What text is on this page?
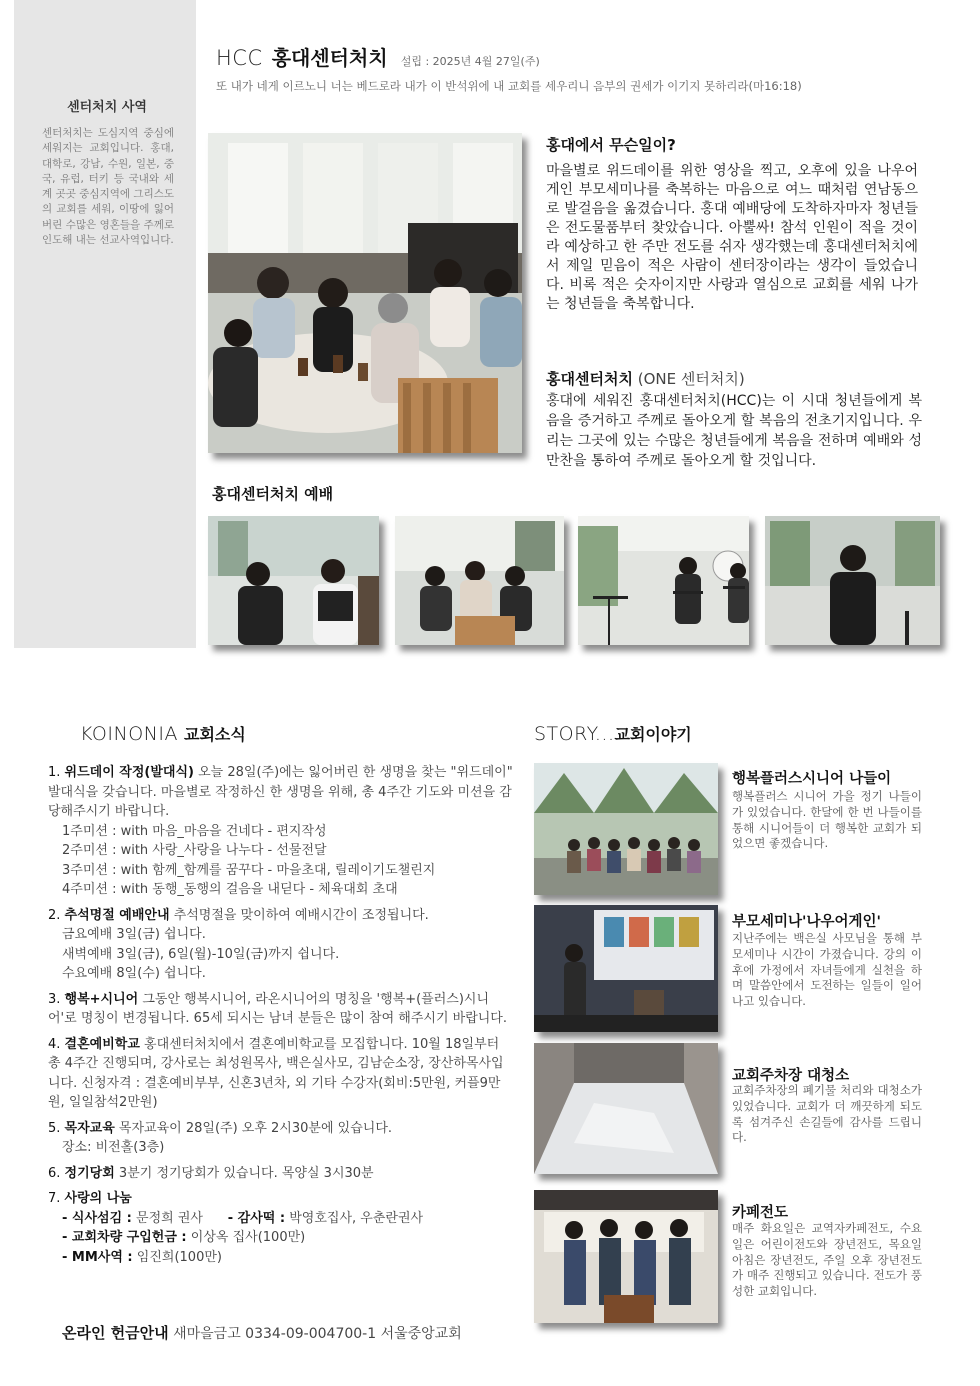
센터처치 사역
센터처치는 도심지역 중심에 세워지는 교회입니다. 홍대, 대학로, 강남, 수원, 일본, 중국, 유럽, 터키 등 국내와 세계 곳곳 중심지역에 그리스도의 교회를 세워, 이땅에 잃어버린 수많은 영혼들을 주께로 인도해 내는 선교사역입니다.
HCC 홍대센터처치 설립 : 2025년 4월 27일(주)
또 내가 네게 이르노니 너는 베드로라 내가 이 반석위에 내 교회를 세우리니 음부의 권세가 이기지 못하리라(마16:18)
홍대에서 무슨일이?
마을별로 위드데이를 위한 영상을 찍고, 오후에 있을 나우어게인 부모세미나를 축복하는 마음으로 여느 때처럼 연남동으로 발걸음을 옮겼습니다. 홍대 예배당에 도착하자마자 청년들은 전도물품부터 찾았습니다. 아뿔싸! 참석 인원이 적을 것이라 예상하고 한 주만 전도를 쉬자 생각했는데 홍대센터처치에서 제일 믿음이 적은 사람이 센터장이라는 생각이 들었습니다. 비록 적은 숫자이지만 사랑과 열심으로 교회를 세워 나가는 청년들을 축복합니다.
홍대센터처치 (ONE 센터처치)
홍대에 세워진 홍대센터처치(HCC)는 이 시대 청년들에게 복음을 증거하고 주께로 돌아오게 할 복음의 전초기지입니다. 우리는 그곳에 있는 수많은 청년들에게 복음을 전하며 예배와 성만찬을 통하여 주께로 돌아오게 할 것입니다.
홍대센터처치 예배
KOINONIA 교회소식
1. 위드데이 작정(발대식) 오늘 28일(주)에는 잃어버린 한 생명을 찾는 "위드데이" 발대식을 갖습니다. 마을별로 작정하신 한 생명을 위해, 총 4주간 기도와 미션을 감당해주시기 바랍니다.
1주미션 : with 마음_마음을 건네다 - 편지작성
2주미션 : with 사랑_사랑을 나누다 - 선물전달
3주미션 : with 함께_함께를 꿈꾸다 - 마을초대, 릴레이기도챌린지
4주미션 : with 동행_동행의 걸음을 내딛다 - 체육대회 초대
2. 추석명절 예배안내 추석명절을 맞이하여 예배시간이 조정됩니다.
금요예배 3일(금) 쉽니다.
새벽예배 3일(금), 6일(월)-10일(금)까지 쉽니다.
수요예배 8일(수) 쉽니다.
3. 행복+시니어 그동안 행복시니어, 라온시니어의 명칭을 '행복+(플러스)시니어'로 명칭이 변경됩니다. 65세 되시는 남녀 분들은 많이 참여 해주시기 바랍니다.
4. 결혼예비학교 홍대센터처치에서 결혼예비학교를 모집합니다. 10월 18일부터 총 4주간 진행되며, 강사로는 최성원목사, 백은실사모, 김남순소장, 장산하목사입니다. 신청자격 : 결혼예비부부, 신혼3년차, 외 기타 수강자(회비:5만원, 커플9만원, 일일참석2만원)
5. 목자교육 목자교육이 28일(주) 오후 2시30분에 있습니다.
장소: 비전홀(3층)
6. 정기당회 3분기 정기당회가 있습니다. 목양실 3시30분
7. 사랑의 나눔
- 식사섬김 : 문정희 권사 - 감사떡 : 박영호집사, 우춘란권사
- 교회차량 구입헌금 : 이상옥 집사(100만)
- MM사역 : 임진희(100만)
온라인 헌금안내 새마을금고 0334-09-004700-1 서울중앙교회
STORY...교회이야기
행복플러스시니어 나들이
행복플러스 시니어 가을 정기 나들이가 있었습니다. 한달에 한 번 나들이를 통해 시니어들이 더 행복한 교회가 되었으면 좋겠습니다.
부모세미나'나우어게인'
지난주에는 백은실 사모님을 통해 부모세미나 시간이 가졌습니다. 강의 이후에 가정에서 자녀들에게 실천을 하며 말씀안에서 도전하는 일들이 일어나고 있습니다.
교회주차장 대청소
교회주차장의 폐기물 처리와 대청소가 있었습니다. 교회가 더 깨끗하게 되도록 섬겨주신 손길들에 감사를 드립니다.
카페전도
매주 화요일은 교역자카페전도, 수요일은 어린이전도와 장년전도, 목요일 아침은 장년전도, 주일 오후 장년전도가 매주 진행되고 있습니다. 전도가 풍성한 교회입니다.
